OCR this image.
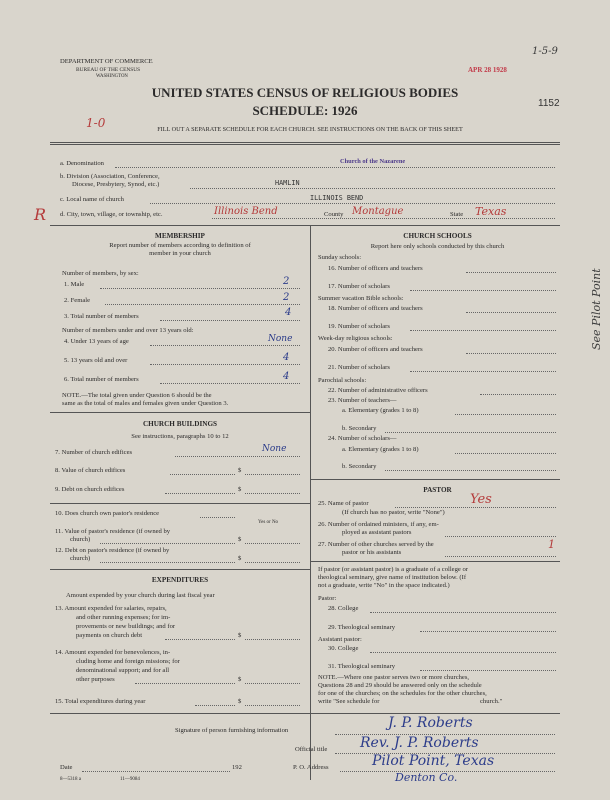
DEPARTMENT OF COMMERCE
BUREAU OF THE CENSUS
WASHINGTON
UNITED STATES CENSUS OF RELIGIOUS BODIES
SCHEDULE: 1926
FILL OUT A SEPARATE SCHEDULE FOR EACH CHURCH. SEE INSTRUCTIONS ON THE BACK OF THIS SHEET
APR 28 1928
1-5-9
1152
1-0
a. Denomination	Church of the Nazarene
b. Division (Association, Conference,
Diocese, Presbytery, Synod, etc.)	HAMLIN
c. Local name of church	ILLINOIS BEND
R d. City, town, village, or township, etc.	Illinois Bend	County Montague	State Texas
MEMBERSHIP
Report number of members according to definition of
member in your church
Number of members, by sex:
1. Male	2
2. Female	2
3. Total number of members	4
Number of members under and over 13 years old:
4. Under 13 years of age	None
5. 13 years old and over	4
6. Total number of members	4
NOTE.—The total given under Question 6 should be the
same as the total of males and females given under Question 3.
CHURCH BUILDINGS
See instructions, paragraphs 10 to 12
7. Number of church edifices	None
8. Value of church edifices	$
9. Debt on church edifices	$
10. Does church own pastor's residence
Yes or No
11. Value of pastor's residence (if owned by
church)	$
12. Debt on pastor's residence (if owned by
church)	$
EXPENDITURES
Amount expended by your church during last fiscal year
13. Amount expended for salaries, repairs,
and other running expenses; for im-
provements or new buildings; and for
payments on church debt	$
14. Amount expended for benevolences, in-
cluding home and foreign missions; for
denominational support; and for all
other purposes	$
15. Total expenditures during year	$
CHURCH SCHOOLS
Report here only schools conducted by this church
Sunday schools:
16. Number of officers and teachers
17. Number of scholars
Summer vacation Bible schools:
18. Number of officers and teachers
19. Number of scholars
Week-day religious schools:
20. Number of officers and teachers
21. Number of scholars
Parochial schools:
22. Number of administrative officers
23. Number of teachers—
a. Elementary (grades 1 to 8)
b. Secondary
24. Number of scholars—
a. Elementary (grades 1 to 8)
b. Secondary
PASTOR
25. Name of pastor	Yes
(If church has no pastor, write "None")
26. Number of ordained ministers, if any, em-
ployed as assistant pastors
27. Number of other churches served by the
pastor or his assistants
1
If pastor (or assistant pastor) is a graduate of a college or
theological seminary, give name of institution below. (If
not a graduate, write "No" in the space indicated.)
Pastor:
28. College
29. Theological seminary
Assistant pastor:
30. College
31. Theological seminary
NOTE.—Where one pastor serves two or more churches,
Questions 28 and 29 should be answered only on the schedule
for one of the churches; on the schedules for the other churches,
write "See schedule for	church."
See Pilot Point
Signature of person furnishing information	J. P. Roberts
Official title Rev. J. P. Roberts
Date	192	P. O. Address	Pilot Point, Texas
Denton Co.
8—5318 a	11—9084
